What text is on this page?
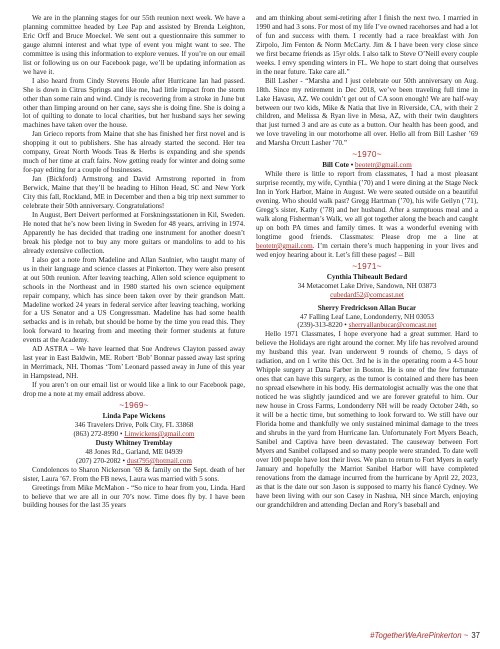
We are in the planning stages for our 55th reunion next week. We have a planning committee headed by Lee Pap and assisted by Brenda Leighton, Eric Orff and Bruce Moeckel. We sent out a questionnaire this summer to gauge alumni interest and what type of event you might want to see. The committee is using this information to explore venues. If you’re on our email list or following us on our Facebook page, we’ll be updating information as we have it.

I also heard from Cindy Stevens Houle after Hurricane Ian had passed. She is down in Citrus Springs and like me, had little impact from the storm other than some rain and wind. Cindy is recovering from a stroke in June but other than limping around on her cane, says she is doing fine. She is doing a lot of quilting to donate to local charities, but her husband says her sewing machines have taken over the house.

Jan Grieco reports from Maine that she has finished her first novel and is shopping it out to publishers. She has already started the second. Her tea company, Great North Woods Teas & Herbs is expanding and she spends much of her time at craft fairs. Now getting ready for winter and doing some for-pay editing for a couple of businesses.

Jan (Bickford) Armstrong and David Armstrong reported in from Berwick, Maine that they’ll be heading to Hilton Head, SC and New York City this fall, Rockland, ME in December and then a big trip next summer to celebrate their 50th anniversary. Congratulations!

In August, Bert Deivert performed at Forskningsstationen in Kil, Sweden. He noted that he’s now been living in Sweden for 48 years, arriving in 1974. Apparently he has decided that trading one instrument for another doesn’t break his pledge not to buy any more guitars or mandolins to add to his already extensive collection.

I also got a note from Madeline and Allan Saulnier, who taught many of us in their language and science classes at Pinkerton. They were also present at out 50th reunion. After leaving teaching, Allen sold science equipment to schools in the Northeast and in 1980 started his own science equipment repair company, which has since been taken over by their grandson Matt. Madeline worked 24 years in federal service after leaving teaching, working for a US Senator and a US Congressman. Madeline has had some health setbacks and is in rehab, but should be home by the time you read this. They look forward to hearing from and meeting their former students at future events at the Academy.

AD ASTRA – We have learned that Sue Andrews Clayton passed away last year in East Baldwin, ME. Robert ‘Bob’ Bonnar passed away last spring in Merrimack, NH. Thomas ‘Tom’ Leonard passed away in June of this year in Hampstead, NH.

If you aren’t on our email list or would like a link to our Facebook page, drop me a note at my email address above.

~1969~
Linda Pape Wickens
346 Travelers Drive, Polk City, FL 33868
(863) 272-8990 • Linwickens@gmail.com
Dusty Whitney Tremblay
48 Jones Rd., Garland, ME 04939
(207) 270-2082 • dust795@hotmail.com

Condolences to Sharon Nickerson ’69 & family on the Sept. death of her sister, Laura ’67. From the FB news, Laura was married with 5 sons.

Greetings from Mike McMahon - “So nice to hear from you, Linda. Hard to believe that we are all in our 70’s now. Time does fly by. I have been building houses for the last 35 years

and am thinking about semi-retiring after I finish the next two. I married in 1990 and had 3 sons. For most of my life I’ve owned racehorses and had a lot of fun and success with them. I recently had a race breakfast with Jon Zirpolo, Jim Fenton & Norm McCarty. Jim & I have been very close since we first became friends as 15yr olds. I also talk to Steve O’Neill every couple weeks. I envy spending winters in FL. We hope to start doing that ourselves in the near future. Take care all.”

Bill Lasher - “Marsha and I just celebrate our 50th anniversary on Aug. 18th. Since my retirement in Dec 2018, we’ve been traveling full time in Lake Havasu, AZ. We couldn’t get out of CA soon enough! We are half-way between our two kids, Mike & Natia that live in Riverside, CA, with their 2 children, and Melissa & Ryan live in Mesa, AZ, with their twin daughters that just turned 3 and are as cute as a button. Our health has been good, and we love traveling in our motorhome all over. Hello all from Bill Lasher ’69 and Marsha Orcutt Lasher ’70.”

~1970~
Bill Cote • beotetr@gmail.com

While there is little to report from classmates, I had a most pleasant surprise recently, my wife, Cynthia (’70) and I were dining at the Stage Neck Inn in York Harbor, Maine in August. We were seated outside on a beautiful evening. Who should walk past? Gregg Hartman (’70), his wife Geilyn (’71), Gregg’s sister, Kathy (’78) and her husband. After a sumptuous meal and a walk along Fisherman’s Walk, we all got together along the beach and caught up on both PA times and family times. It was a wonderful evening with longtime good friends. Classmates: Please drop me a line at beotetr@gmail.com. I’m certain there’s much happening in your lives and wed enjoy hearing about it. Let’s fill these pages! – Bill

~1971~
Cynthia Thibeault Bedard
34 Metacomet Lake Drive, Sandown, NH 03873
cubedard52@comcast.net
Sherry Fredrickson Allan Bucar
47 Falling Leaf Lane, Londonderry, NH 03053
(239)-313-8220 • sherryallanbucar@comcast.net

Hello 1971 Classmates, I hope everyone had a great summer. Hard to believe the Holidays are right around the corner. My life has revolved around my husband this year. Ivan underwent 9 rounds of chemo, 5 days of radiation, and on 1 write this Oct. 3rd he is in the operating room a 4-5 hour Whipple surgery at Dana Farber in Boston. He is one of the few fortunate ones that can have this surgery, as the tumor is contained and there has been no spread elsewhere in his body. His dermatologist actually was the one that noticed he was slightly jaundiced and we are forever grateful to him. Our new house in Cross Farms, Londonderry NH will be ready October 24th, so it will be a hectic time, but something to look forward to. We still have our Florida home and thankfully we only sustained minimal damage to the trees and shrubs in the yard from Hurricane Ian. Unfortunately Fort Myers Beach, Sanibel and Captiva have been devastated. The causeway between Fort Myers and Sanibel collapsed and so many people were stranded. To date well over 100 people have lost their lives. We plan to return to Fort Myers in early January and hopefully the Marriot Sanibel Harbor will have completed renovations from the damage incurred from the hurricane by April 22, 2023, as that is the date our son Jason is supposed to marry his fiancé Cydney. We have been living with our son Casey in Nashua, NH since March, enjoying our grandchildren and attending Declan and Rory’s baseball and

#TogetherWeArePinkerton ~ 37
